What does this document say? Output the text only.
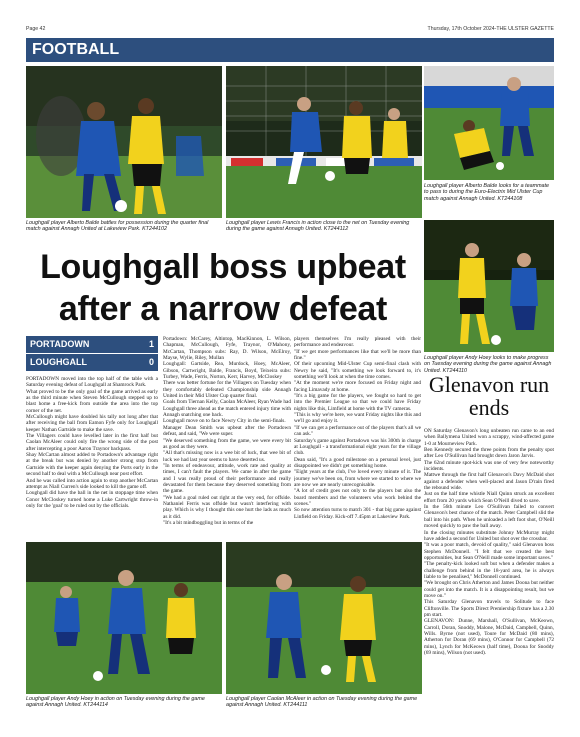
Page 42	Thursday, 17th October 2024-THE ULSTER GAZETTE
FOOTBALL
Loughgall player Alberto Balde battles for possession during the quarter final match against Annagh United at Lakeview Park. KT244102
Loughgall player Lewis Francis in action close to the net on Tuesday evening during the game against Annagh United. KT244112
Loughgall player Alberto Balde looks for a teammate to pass to during the Euro-Electrix Mid Ulster Cup match against Annagh United. KT244108
Loughgall player Andy Hoey looks to make progress on Tuesday evening during the game against Annagh United. KT244110
Loughgall boss upbeat after a narrow defeat
PORTADOWN	1
LOUGHGALL	0
PORTADOWN moved into the top half of the table with a Saturday evening defeat of Loughgall at Shamrock Park.
What proved to be the only goal of the game arrived as early as the third minute when Steven McCullough stepped up to blast home a free-kick from outside the area into the top corner of the net.
McCullough might have doubled his tally not long after that after receiving the ball from Eamon Fyfe only for Loughgall keeper Nathan Gartside to make the save.
The Villagers could have levelled later in the first half but Caolan McAleer could only fire the wrong side of the post after intercepting a poor Aaron Traynor backpass.
Shay McCartan almost added to Portadown's advantage right at the break but was denied by another strong stop from Gartside with the keeper again denying the Ports early in the second half to deal with a McCullough near post effort.
And he was called into action again to stop another McCartan attempt as Niall Curren's side looked to kill the game off.
Loughgall did have the ball in the net in stoppage time when Conor McCloskey turned home a Luke Cartwright throw-in only for the 'goal' to be ruled out by the officials.
Portadown: McCarey, Altintop, MacKinnon, L. Wilson, Chapman, McCullough, Fyfe, Traynor, O'Mahony, McCartan, Thompson subs: Ray, D. Wilson, McElroy, Mayse, Wylie, Riley, Mullan
Loughgall: Gartside, Rea, Murdock, Hoey, McAleer, Gibson, Cartwright, Balde, Francis, Boyd, Teixeira subs: Turbey, Wade, Ferris, Norton, Kerr, Harvey, McCloskey
There was better fortune for the Villagers on Tuesday when they comfortably defeated Championship side Annagh United in their Mid Ulster Cup quarter final.
Goals from Tiernan Kelly, Caolan McAleer, Ryan Wade had Loughgall three ahead as the match entered injury time with Annagh snatching one back.
Loughgall move on to face Newry City in the semi-finals.
Manager Dean Smith was upbeat after the Portadown defeat, and said, "We were super.
"We deserved something from the game, we were every bit as good as they were.
"All that's missing now is a wee bit of luck, that wee bit of luck we had last year seems to have deserted us.
"In terms of endeavour, attitude, work rate and quality at times, I can't fault the players. We came in after the game and I was really proud of their performance and really devastated for them because they deserved something from the game.
"We had a goal ruled out right at the very end, for offside. Nathaniel Ferris was offside but wasn't interfering with play. Which is why I thought this one hurt the lads as much as it did.
"It's a bit mindboggling but in terms of the
players themselves I'm really pleased with their performance and endeavour.
"If we get more performances like that we'll be more than fine."
Of their upcoming Mid-Ulster Cup semi-final clash with Newry he said, "It's something we look forward to, it's something we'll look at when the time comes.
"At the moment we're more focused on Friday night and facing Limavady at home.
"It's a big game for the players, we fought so hard to get into the Premier League so that we could have Friday nights like this, Limfield at home with the TV cameras.
"This is why we're here, we want Friday nights like this and we'll go and enjoy it.
"If we can get a performance out of the players that's all we can ask."
Saturday's game against Portadown was his 300th in charge at Loughgall - a transformational eight years for the village club.
Dean said, "It's a good milestone on a personal level, just disappointed we didn't get something home.
"Eight years at the club, I've loved every minute of it. The journey we've been on, from where we started to where we are now we are nearly unrecognisable.
"A lot of credit goes not only to the players but also the board members and the volunteers who work behind the scenes."
So now attention turns to match 301 - that big game against Linfield on Friday. Kick-off 7.45pm at Lakeview Park.
Glenavon run ends
ON Saturday Glenavon's long unbeaten run came to an end when Ballymena United won a scrappy, wind-affected game 1-0 at Mourneview Park.
Ben Kennedy secured the three points from the penalty spot after Leo O'Sullivan had brought down Jaron Jarvis.
The 62nd minute spot-kick was one of very few noteworthy incidents.
Mattwe through the first half Glenavon's Davy McDaid shot against a defender when well-placed and Jason D'rain fired the rebound wide.
Just on the half time whistle Niall Quinn struck an excellent effort from 20 yards which Sean O'Neill dived to save.
In the 56th minute Leo O'Sullivan failed to convert Glenavon's best chance of the match. Peter Campbell slid the ball into his path. When he unloaded a left foot shot, O'Neill moved quickly to paw the ball away.
In the closing minutes substitute Johnny McMurray might have added a second for United but shot over the crossbar.
"It was a poor match, devoid of quality," said Glenavon boss Stephen McDonnell. "I felt that we created the best opportunities, but Sean O'Neill made some important saves."
"The penalty-kick looked soft but when a defender makes a challenge from behind in the 18-yard area, he is always liable to be penalised," McDonnell continued.
"We brought on Chris Atherton and James Doona but neither could get into the match. It is a disappointing result, but we move on."
This Saturday Glenavon travels to Solitude to face Cliftonville. The Sports Direct Premiership fixture has a 2.30 pm start.
GLENAVON: Dunne, Marshall, O'Sullivan, McKeown, Carroll, Doran, Snoddy, Malone, McDaid, Campbell, Quinn, Wills. Byrne (not used), Toure for McDaid (80 mins), Atherton for Doran (69 mins), O'Connor for Campbell (72 mins), Lynch for McKeown (half time), Doona for Snoddy (69 mins), Wilson (not used).
Loughgall player Andy Hoey in action on Tuesday evening during the game against Annagh United. KT244114
Loughgall player Caolan McAleer in action on Tuesday evening during the game against Annagh United. KT244111
